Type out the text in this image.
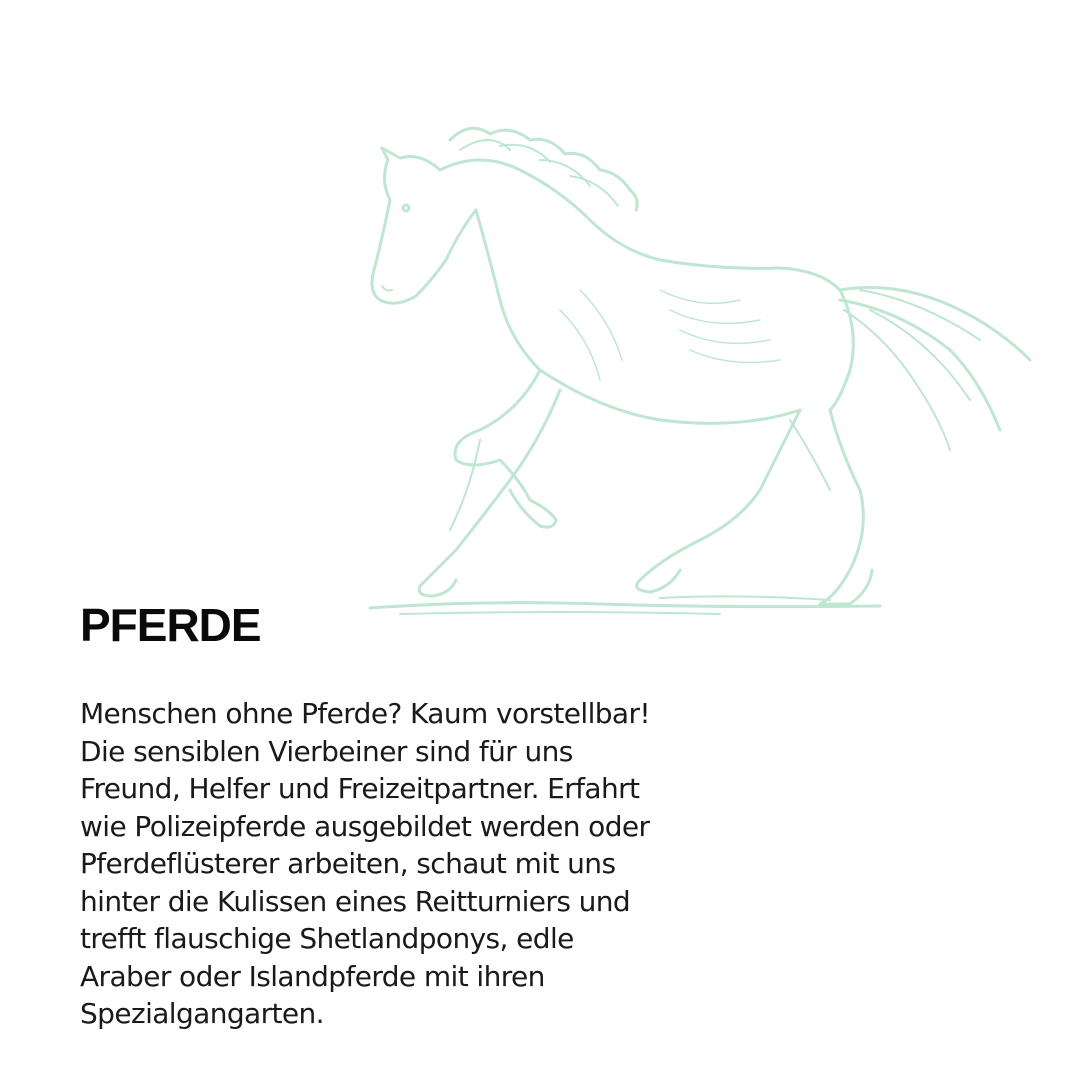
PFERDE

Menschen ohne Pferde? Kaum vorstellbar!
Die sensiblen Vierbeiner sind für uns
Freund, Helfer und Freizeitpartner. Erfahrt
wie Polizeipferde ausgebildet werden oder
Pferdeflüsterer arbeiten, schaut mit uns
hinter die Kulissen eines Reitturniers und
trefft flauschige Shetlandponys, edle
Araber oder Islandpferde mit ihren
Spezialgangarten.
